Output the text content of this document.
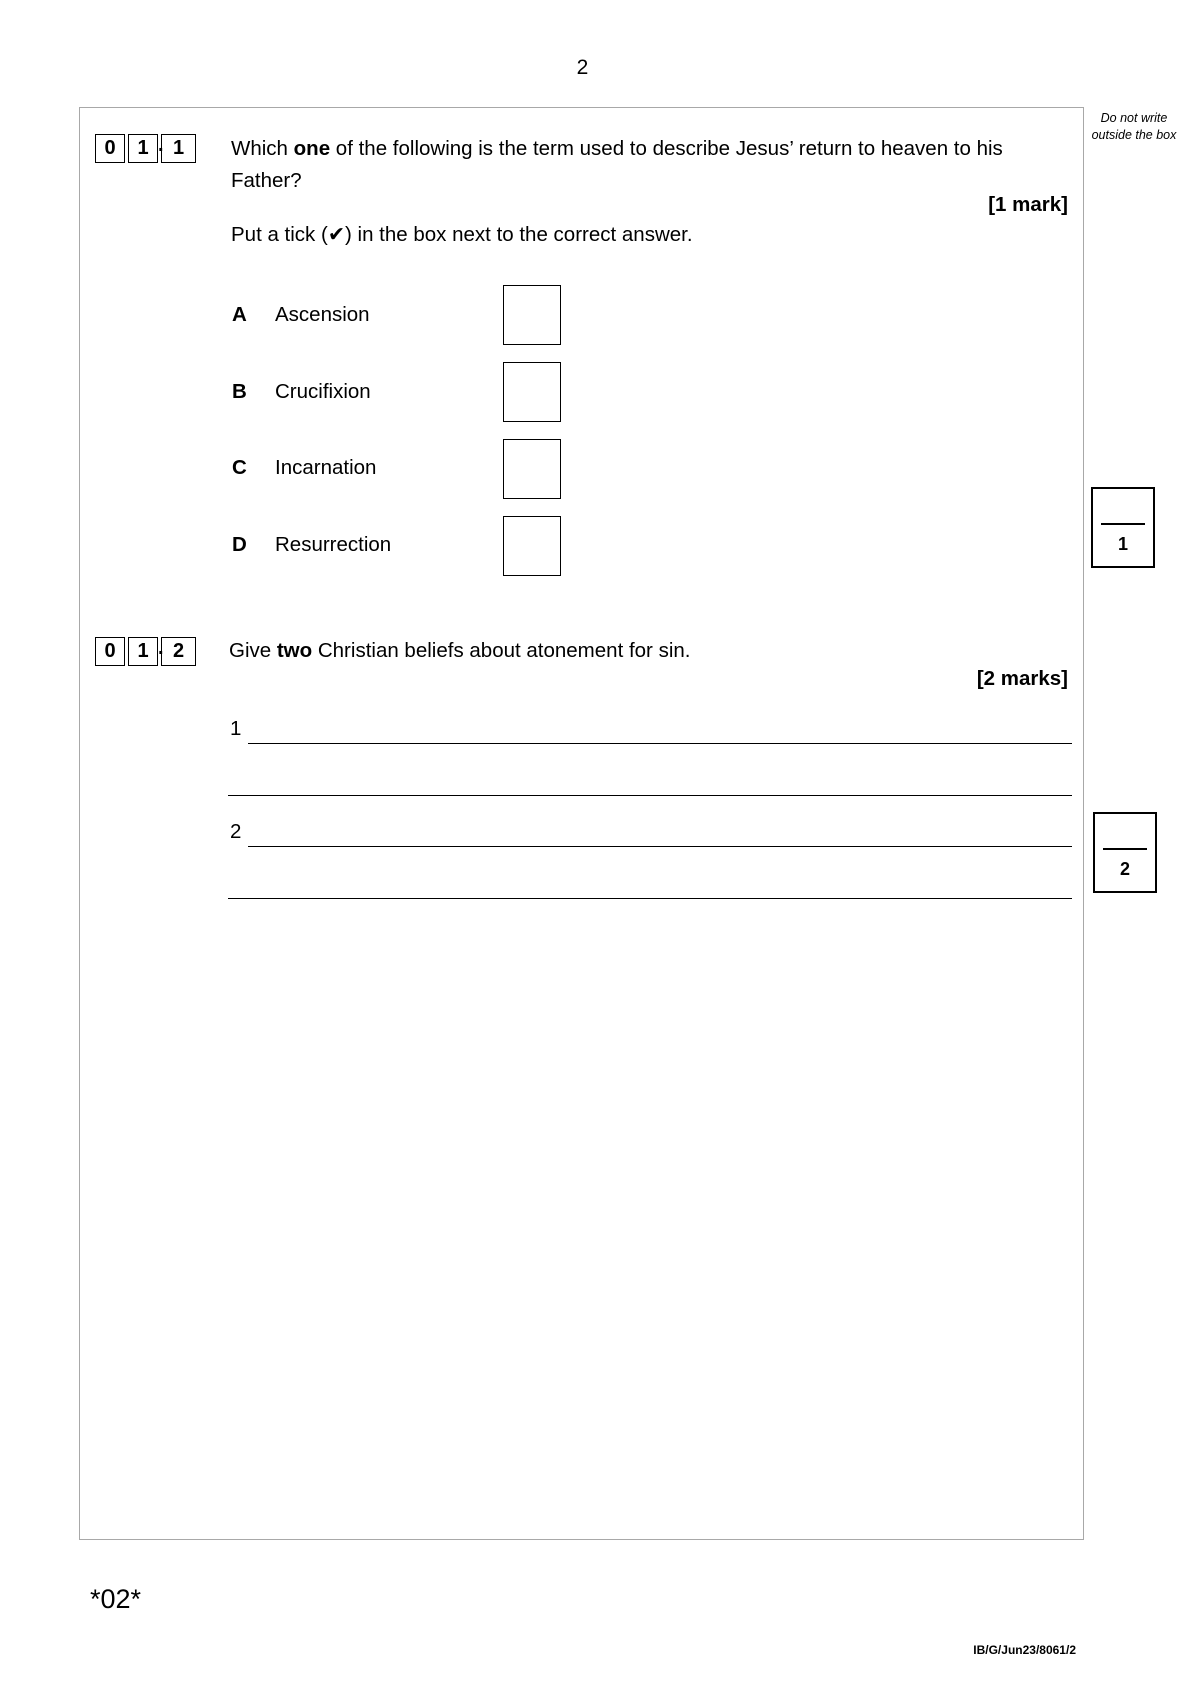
2
Do not write outside the box
0	1	1
.	Which one of the following is the term used to describe Jesus’ return to heaven to his Father?
[1 mark]
Put a tick (✔) in the box next to the correct answer.
A Ascension
B Crucifixion
C Incarnation
D Resurrection	1
0	1	2
.	Give two Christian beliefs about atonement for sin.
[2 marks]
1
2
2
*02*
IB/G/Jun23/8061/2
